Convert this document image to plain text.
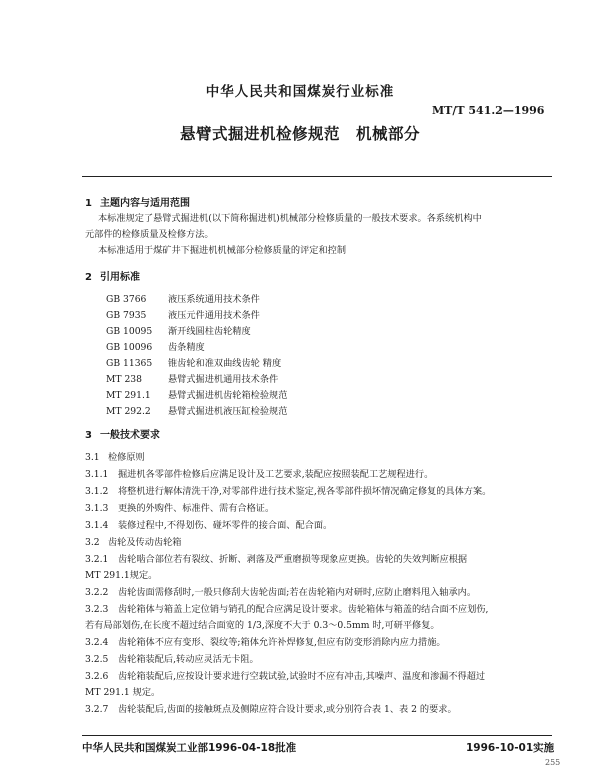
中华人民共和国煤炭行业标准
MT/T 541.2—1996
悬臂式掘进机检修规范 机械部分
1 主题内容与适用范围
本标准规定了悬臂式掘进机(以下简称掘进机)机械部分检修质量的一般技术要求。各系统机构中
元部件的检修质量及检修方法。
本标准适用于煤矿井下掘进机机械部分检修质量的评定和控制
2 引用标准
GB 3766 液压系统通用技术条件
GB 7935 液压元件通用技术条件
GB 10095 渐开线圆柱齿轮精度
GB 10096 齿条精度
GB 11365 锥齿轮和准双曲线齿轮 精度
MT 238	悬臂式掘进机通用技术条件
MT 291.1 悬臂式掘进机齿轮箱检验规范
MT 292.2 悬臂式掘进机液压缸检验规范
3 一般技术要求
3.1 检修原则
3.1.1 掘进机各零部件检修后应满足设计及工艺要求,装配应按照装配工艺规程进行。
3.1.2 将整机进行解体清洗干净,对零部件进行技术鉴定,视各零部件损坏情况确定修复的具体方案。
3.1.3 更换的外购件、标准件、需有合格证。
3.1.4 装修过程中,不得划伤、碰坏零件的接合面、配合面。
3.2 齿轮及传动齿轮箱
3.2.1 齿轮啮合部位若有裂纹、折断、剥落及严重磨损等现象应更换。齿轮的失效判断应根据
MT 291.1规定。
3.2.2 齿轮齿面需修刮时,一般只修刮大齿轮齿面;若在齿轮箱内对研时,应防止磨料甩入轴承内。
3.2.3 齿轮箱体与箱盖上定位销与销孔的配合应满足设计要求。齿轮箱体与箱盖的结合面不应划伤,
若有局部划伤,在长度不超过结合面宽的 1/3,深度不大于 0.3～0.5mm 时,可研平修复。
3.2.4 齿轮箱体不应有变形、裂纹等;箱体允许补焊修复,但应有防变形消除内应力措施。
3.2.5 齿轮箱装配后,转动应灵活无卡阻。
3.2.6 齿轮箱装配后,应按设计要求进行空载试验,试验时不应有冲击,其噪声、温度和渗漏不得超过
MT 291.1 规定。
3.2.7 齿轮装配后,齿面的接触斑点及侧隙应符合设计要求,或分别符合表 1、表 2 的要求。
中华人民共和国煤炭工业部1996-04-18批准	1996-10-01实施
255
